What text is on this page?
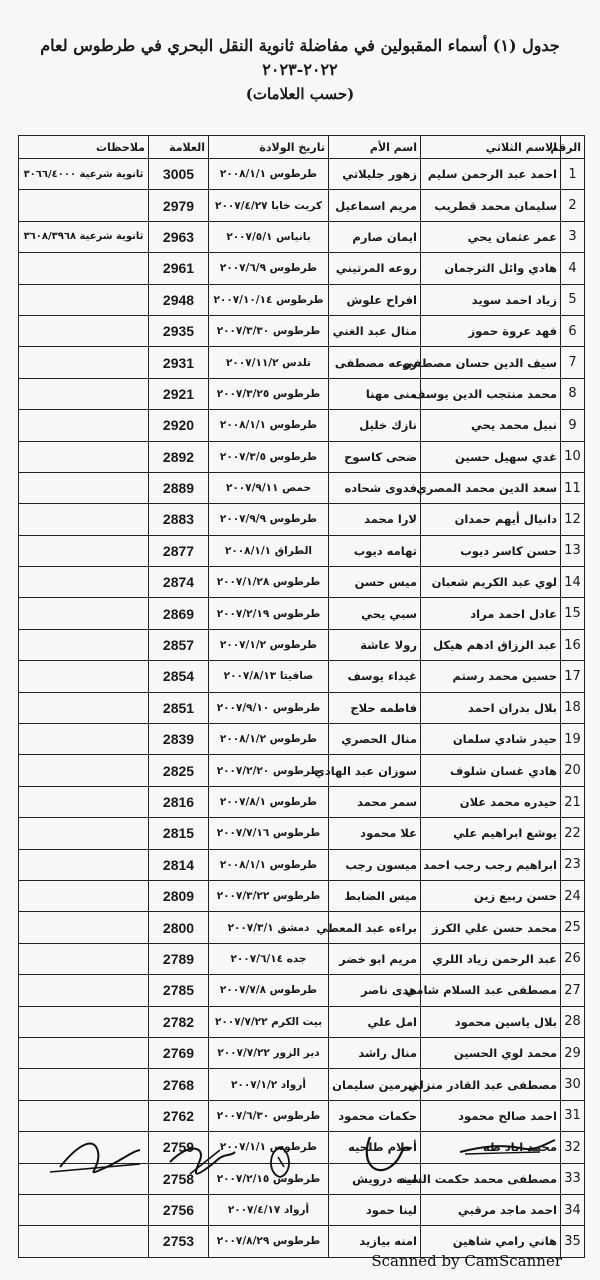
جدول (١) أسماء المقبولين في مفاضلة ثانوية النقل البحري في طرطوس لعام ٢٠٢٢-٢٠٢٣
(حسب العلامات)
الرقم	الاسم الثلاثي	اسم الأم	تاريخ الولادة	العلامة	ملاحظات
1	احمد عبد الرحمن سليم	زهور جليلاتي	طرطوس ٢٠٠٨/١/١	3005	ثانوية شرعية ٣٠٦٦/٤٠٠٠
2	سليمان محمد قطريب	مريم اسماعيل	كريت خابا ٢٠٠٧/٤/٢٧	2979	
3	عمر عثمان يحي	ايمان صارم	بانياس ٢٠٠٧/٥/١	2963	ثانوية شرعية ٣٦٠٨/٣٩٦٨
4	هادي وائل الترجمان	روعه المرتيني	طرطوس ٢٠٠٧/٦/٩	2961	
5	زياد احمد سويد	افراح علوش	طرطوس ٢٠٠٧/١٠/١٤	2948	
6	فهد عروة حموز	منال عبد الغني	طرطوس ٢٠٠٧/٣/٣٠	2935	
7	سيف الدين حسان مصطفى	روعه مصطفى	تلدس ٢٠٠٧/١١/٢	2931	
8	محمد منتجب الدين يوسف	منى مهنا	طرطوس ٢٠٠٧/٣/٢٥	2921	
9	نبيل محمد يحي	نازك خليل	طرطوس ٢٠٠٨/١/١	2920	
10	غدي سهيل حسين	ضحى كاسوح	طرطوس ٢٠٠٧/٣/٥	2892	
11	سعد الدين محمد المصري	فدوى شحاده	حمص ٢٠٠٧/٩/١١	2889	
12	دانيال أيهم حمدان	لارا محمد	طرطوس ٢٠٠٧/٩/٩	2883	
13	حسن كاسر ديوب	تهامه ديوب	الطراق ٢٠٠٨/١/١	2877	
14	لوي عبد الكريم شعبان	ميس حسن	طرطوس ٢٠٠٧/١/٢٨	2874	
15	عادل احمد مراد	سبي يحي	طرطوس ٢٠٠٧/٢/١٩	2869	
16	عبد الرزاق ادهم هيكل	رولا عاشة	طرطوس ٢٠٠٧/١/٢	2857	
17	حسين محمد رستم	غيداء يوسف	صافيتا ٢٠٠٧/٨/١٣	2854	
18	بلال بدران احمد	فاطمه حلاج	طرطوس ٢٠٠٧/٩/١٠	2851	
19	حيدر شادي سلمان	منال الحصري	طرطوس ٢٠٠٨/١/٢	2839	
20	هادي غسان شلوف	سوزان عبد الهادي	طرطوس ٢٠٠٧/٢/٢٠	2825	
21	حيدره محمد علان	سمر محمد	طرطوس ٢٠٠٧/٨/١	2816	
22	يوشع ابراهيم علي	علا محمود	طرطوس ٢٠٠٧/٧/١٦	2815	
23	ابراهيم رجب رجب احمد	ميسون رجب	طرطوس ٢٠٠٨/١/١	2814	
24	حسن ربيع زين	ميس الضابط	طرطوس ٢٠٠٧/٣/٢٢	2809	
25	محمد حسن علي الكرز	براءه عبد المعطي	دمشق ٢٠٠٧/٣/١	2800	
26	عبد الرحمن زياد اللري	مريم ابو خضر	جده ٢٠٠٧/٦/١٤	2789	
27	مصطفى عبد السلام شامي	هدى ناصر	طرطوس ٢٠٠٧/٧/٨	2785	
28	بلال ياسين محمود	امل علي	بيت الكرم ٢٠٠٧/٧/٢٢	2782	
29	محمد لوي الحسين	منال راشد	دير الزور ٢٠٠٧/٧/٢٢	2769	
30	مصطفى عبد القادر منزلي	نيرمين سليمان	أرواد ٢٠٠٧/١/٢	2768	
31	احمد صالح محمود	حكمات محمود	طرطوس ٢٠٠٧/٦/٣٠	2762	
32	محمد اياد طه	أحلام طلحيه	طرطوس ٢٠٠٧/١/١	2759	
33	مصطفى محمد حكمت السيد	لبنه درويش	طرطوس ٢٠٠٧/٢/١٥	2758	
34	احمد ماجد مرقبي	لينا حمود	أرواد ٢٠٠٧/٤/١٧	2756	
35	هاني رامي شاهين	امنه بيازيد	طرطوس ٢٠٠٧/٨/٢٩	2753	
Scanned by CamScanner
